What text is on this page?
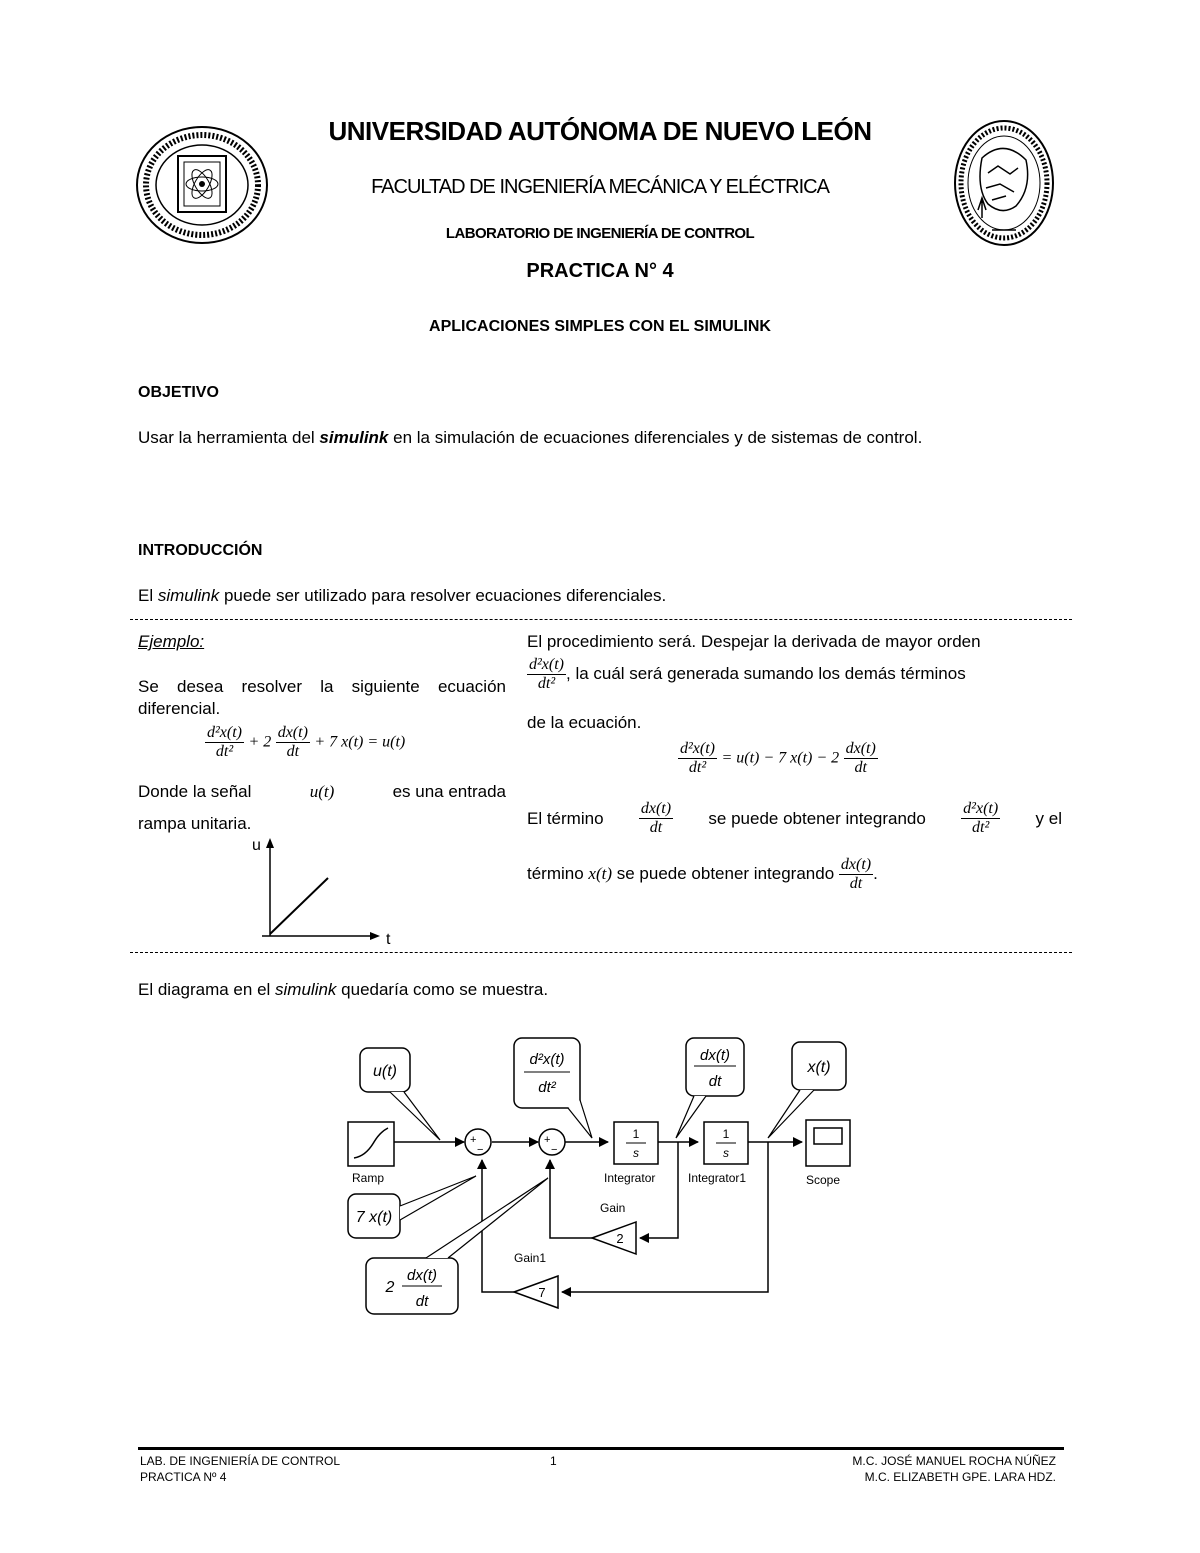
UNIVERSIDAD AUTÓNOMA DE NUEVO LEÓN
FACULTAD DE INGENIERÍA MECÁNICA Y ELÉCTRICA
LABORATORIO DE INGENIERÍA DE CONTROL
PRACTICA N° 4
APLICACIONES SIMPLES CON EL SIMULINK
OBJETIVO
Usar la herramienta del simulink en la simulación de ecuaciones diferenciales y de sistemas de control.
INTRODUCCIÓN
El simulink puede ser utilizado para resolver ecuaciones diferenciales.
Ejemplo:
Se desea resolver la siguiente ecuación
diferencial.
$\frac{\text{d²x(t)}}{\text{dt²}} + 2 \frac{dx(t)}{dt} + 7$ x(t) = u(t)
Donde la señal	u(t)	es una entrada
rampa unitaria.
u
t
El procedimiento será. Despejar la derivada de mayor orden
$\frac{\text{d²x(t)}}{\text{dt²}}$ , la cuál será generada sumando los demás términos
de la ecuación.
$\frac{\text{d²x(t)}}{\text{dt²}} = u(t) - 7$ $x(t) - 2 \frac{dx(t)}{dt}$
El término $\frac{dx(t)}{dt}$ se puede obtener integrando $\frac{\text{d²x(t)}}{\text{dt²}}$ y el
término x(t) se puede obtener integrando $\frac{dx(t)}{dt}$ .
El diagrama en el simulink quedaría como se muestra.
Ramp
+
−
+
−
1
s
Integrator
1
s
Integrator1	Scope
2
Gain
7
Gain1
u(t)
d²x(t)
dt²
dx(t)
dt
x(t)
7 x(t)
2
dx(t)
dt
LAB. DE INGENIERÍA DE CONTROL
PRACTICA Nº 4
1	M.C. JOSÉ MANUEL ROCHA NÚÑEZ
M.C. ELIZABETH GPE. LARA HDZ.
